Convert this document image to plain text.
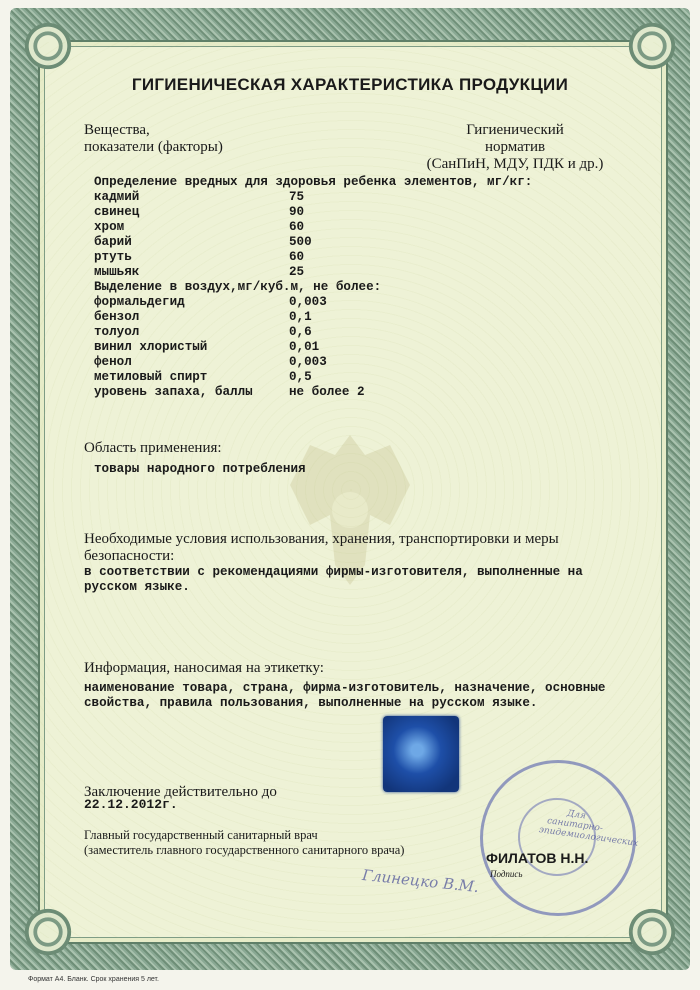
ГИГИЕНИЧЕСКАЯ ХАРАКТЕРИСТИКА ПРОДУКЦИИ
Вещества,
показатели (факторы)
Гигиенический
норматив
(СанПиН, МДУ, ПДК и др.)
Определение вредных для здоровья ребенка элементов, мг/кг:
кадмий	75
свинец	90
хром	60
барий	500
ртуть	60
мышьяк	25
Выделение в воздух,мг/куб.м, не более:
формальдегид	0,003
бензол	0,1
толуол	0,6
винил хлористый	0,01
фенол	0,003
метиловый спирт	0,5
уровень запаха, баллы	не более 2
Область применения:
товары народного потребления
Необходимые условия использования, хранения, транспортировки и меры
безопасности:
в соответствии с рекомендациями фирмы-изготовителя, выполненные на
русском языке.
Информация, наносимая на этикетку:
наименование товара, страна, фирма-изготовитель, назначение, основные
свойства, правила пользования, выполненные на русском языке.
Заключение действительно до
22.12.2012г.
Главный государственный санитарный врач
(заместитель главного государственного санитарного врача)
Для санитарно-эпидемиологических
Глинецко В.М.
ФИЛАТОВ Н.Н.
Подпись
Формат А4. Бланк. Срок хранения 5 лет.
